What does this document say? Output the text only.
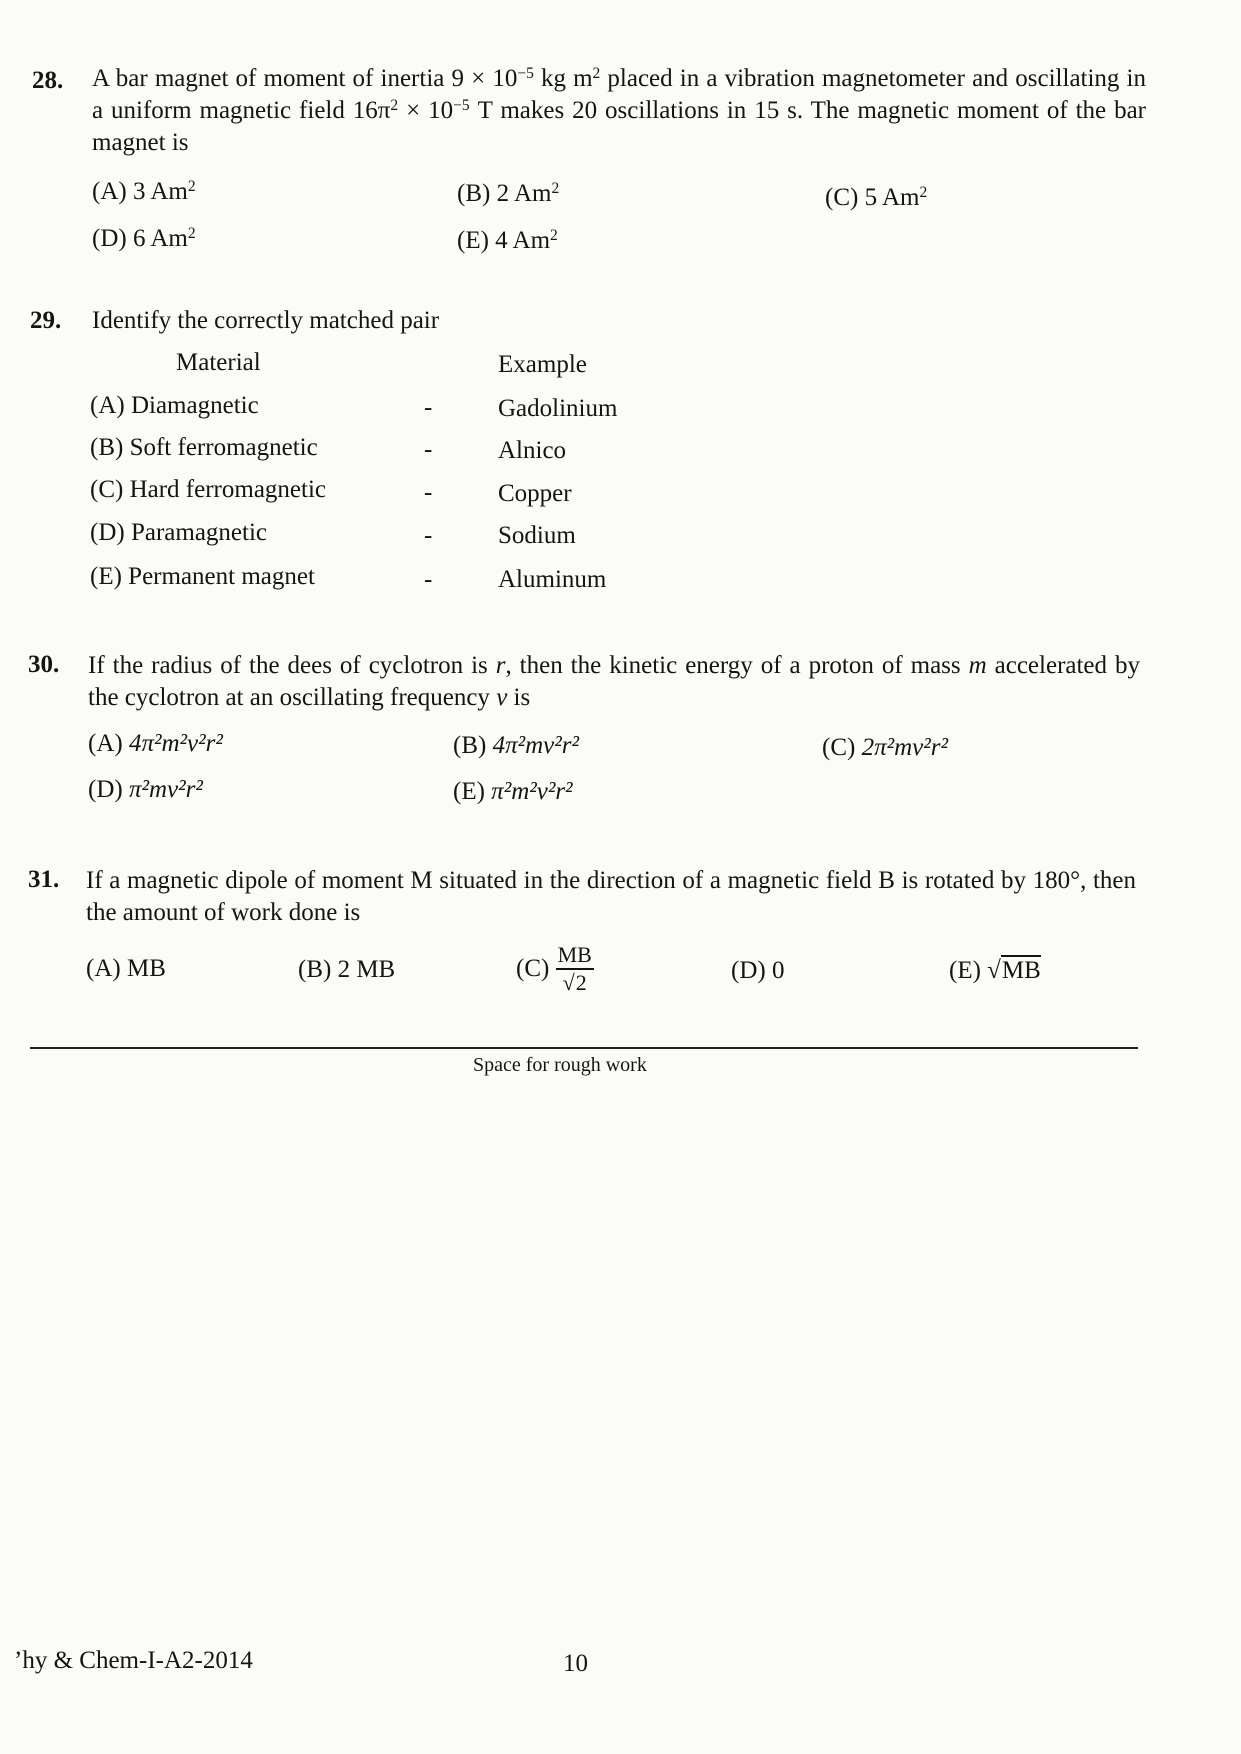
28. A bar magnet of moment of inertia $9 \times 10^{-5}$ kg $m^2$ placed in a vibration magnetometer and oscillating in a uniform magnetic field $16\pi^2 \times 10^{-5}$ T makes 20 oscillations in 15 s. The magnetic moment of the bar magnet is
(A) 3 Am$^2$	(B) 2 Am$^2$	(C) 5 Am$^2$
(D) 6 Am$^2$	(E) 4 Am$^2$
29. Identify the correctly matched pair
Material	Example
(A) Diamagnetic	-	Gadolinium
(B) Soft ferromagnetic	-	Alnico
(C) Hard ferromagnetic	-	Copper
(D) Paramagnetic	-	Sodium
(E) Permanent magnet	-	Aluminum
30. If the radius of the dees of cyclotron is r, then the kinetic energy of a proton of mass m accelerated by the cyclotron at an oscillating frequency v is
(A) 4π²m²v²r²	(B) 4π²mv²r²	(C) 2π²mv²r²
(D) π²mv²r²	(E) π²m²v²r²
31. If a magnetic dipole of moment M situated in the direction of a magnetic field B is rotated by 180°, then the amount of work done is
(A) MB	(B) 2 MB	$(C) \frac{MB}{√2}$	(D) 0	(E) √MB
Space for rough work
’hy & Chem-I-A2-2014	10
